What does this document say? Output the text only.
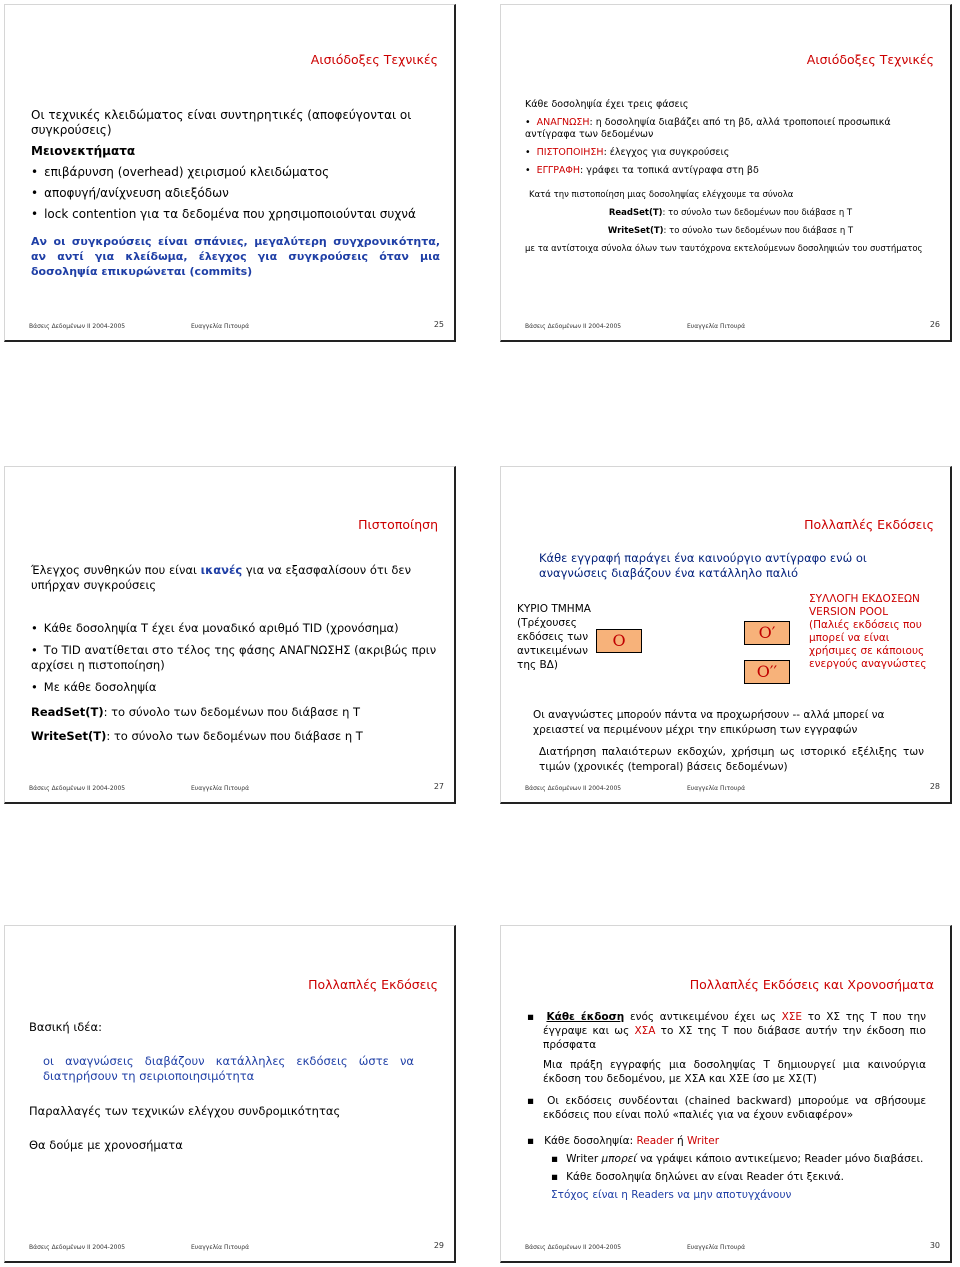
Αισιόδοξες Τεχνικές
Οι τεχνικές κλειδώματος είναι συντηρητικές (αποφεύγονται οι συγκρούσεις)
Μειονεκτήματα
• επιβάρυνση (overhead) χειρισμού κλειδώματος
• αποφυγή/ανίχνευση αδιεξόδων
• lock contention για τα δεδομένα που χρησιμοποιούνται συχνά
Αν οι συγκρούσεις είναι σπάνιες, μεγαλύτερη συγχρονικότητα, αν αντί για κλείδωμα, έλεγχος για συγκρούσεις όταν μια δοσοληψία επικυρώνεται (commits)
Βάσεις Δεδομένων ΙΙ 2004-2005	Ευαγγελία Πιτουρά	25
Αισιόδοξες Τεχνικές
Κάθε δοσοληψία έχει τρεις φάσεις
• ΑΝΑΓΝΩΣΗ: η δοσοληψία διαβάζει από τη βδ, αλλά τροποποιεί προσωπικά αντίγραφα των δεδομένων
• ΠΙΣΤΟΠΟΙΗΣΗ: έλεγχος για συγκρούσεις
• ΕΓΓΡΑΦΗ: γράφει τα τοπικά αντίγραφα στη βδ
Κατά την πιστοποίηση μιας δοσοληψίας ελέγχουμε τα σύνολα
ReadSet(T): το σύνολο των δεδομένων που διάβασε η Τ
WriteSet(T): το σύνολο των δεδομένων που διάβασε η Τ
με τα αντίστοιχα σύνολα όλων των ταυτόχρονα εκτελούμενων δοσοληψιών του συστήματος
Βάσεις Δεδομένων ΙΙ 2004-2005	Ευαγγελία Πιτουρά	26
Πιστοποίηση
Έλεγχος συνθηκών που είναι ικανές για να εξασφαλίσουν ότι δεν υπήρχαν συγκρούσεις
• Κάθε δοσοληψία Τ έχει ένα μοναδικό αριθμό TID (χρονόσημα)
• Το TID ανατίθεται στο τέλος της φάσης ΑΝΑΓΝΩΣΗΣ (ακριβώς πριν αρχίσει η πιστοποίηση)
• Με κάθε δοσοληψία
ReadSet(T): το σύνολο των δεδομένων που διάβασε η Τ
WriteSet(T): το σύνολο των δεδομένων που διάβασε η Τ
Βάσεις Δεδομένων ΙΙ 2004-2005	Ευαγγελία Πιτουρά	27
Πολλαπλές Εκδόσεις
Κάθε εγγραφή παράγει ένα καινούργιο αντίγραφο ενώ οι αναγνώσεις διαβάζουν ένα κατάλληλο παλιό
ΚΥΡΙΟ ΤΜΗΜΑ (Τρέχουσες εκδόσεις των αντικειμένων της ΒΔ)
O	O′
O′′
ΣΥΛΛΟΓΗ ΕΚΔΟΣΕΩΝ VERSION POOL
(Παλιές εκδόσεις που μπορεί να είναι χρήσιμες σε κάποιους ενεργούς αναγνώστες
Οι αναγνώστες μπορούν πάντα να προχωρήσουν -- αλλά μπορεί να χρειαστεί να περιμένουν μέχρι την επικύρωση των εγγραφών
Διατήρηση παλαιότερων εκδοχών, χρήσιμη ως ιστορικό εξέλιξης των τιμών (χρονικές (temporal) βάσεις δεδομένων)
Βάσεις Δεδομένων ΙΙ 2004-2005	Ευαγγελία Πιτουρά	28
Πολλαπλές Εκδόσεις
Βασική ιδέα:
οι αναγνώσεις διαβάζουν κατάλληλες εκδόσεις ώστε να διατηρήσουν τη σειριοποιησιμότητα
Παραλλαγές των τεχνικών ελέγχου συνδρομικότητας
Θα δούμε με χρονοσήματα
Βάσεις Δεδομένων ΙΙ 2004-2005	Ευαγγελία Πιτουρά	29
Πολλαπλές Εκδόσεις και Χρονοσήματα
▪ Κάθε έκδοση ενός αντικειμένου έχει ως ΧΣΕ το ΧΣ της Τ που την έγγραψε και ως ΧΣΑ το ΧΣ της Τ που διάβασε αυτήν την έκδοση πιο πρόσφατα
Μια πράξη εγγραφής μια δοσοληψίας Τ δημιουργεί μια καινούργια έκδοση του δεδομένου, με ΧΣΑ και ΧΣΕ ίσο με ΧΣ(Τ)
▪ Οι εκδόσεις συνδέονται (chained backward) μπορούμε να σβήσουμε εκδόσεις που είναι πολύ «παλιές για να έχουν ενδιαφέρον»
▪ Κάθε δοσοληψία: Reader ή Writer
▪ Writer μπορεί να γράψει κάποιο αντικείμενο; Reader μόνο διαβάσει.
▪ Κάθε δοσοληψία δηλώνει αν είναι Reader ότι ξεκινά.
Στόχος είναι η Readers να μην αποτυγχάνουν
Βάσεις Δεδομένων ΙΙ 2004-2005	Ευαγγελία Πιτουρά	30
